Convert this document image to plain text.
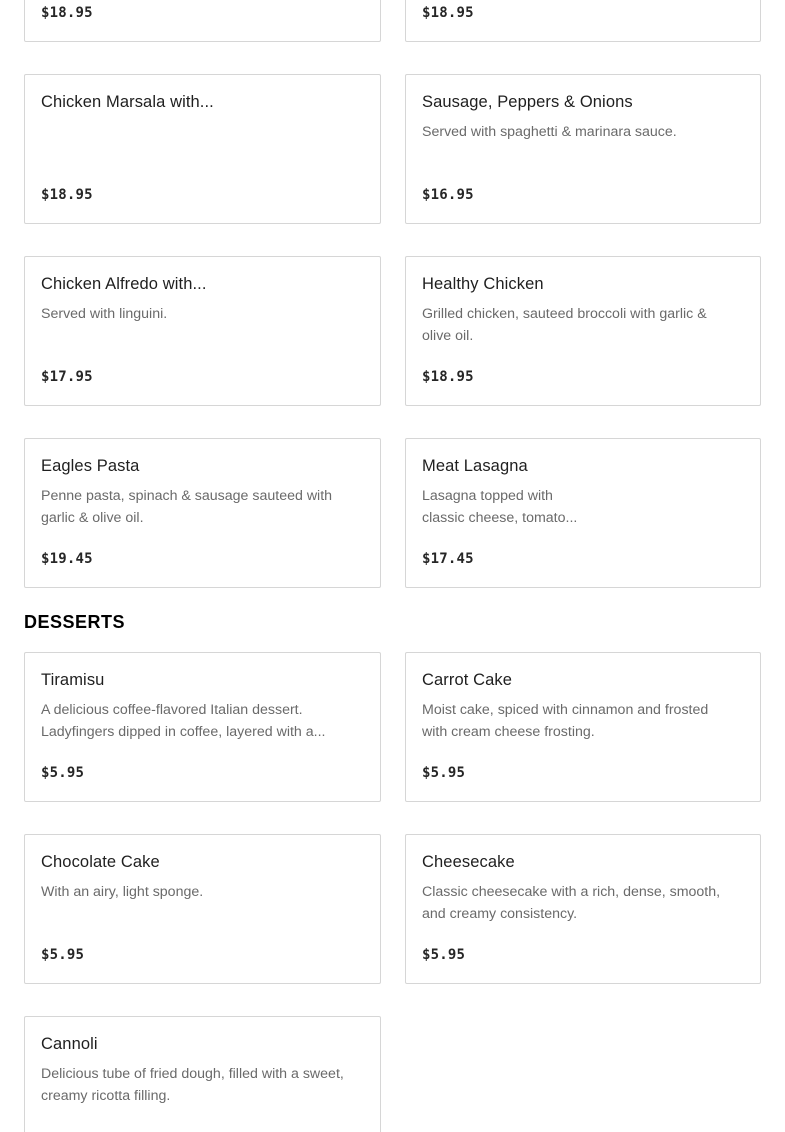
$18.95	$18.95
Chicken Marsala with...
$18.95
Sausage, Peppers & Onions
Served with spaghetti & marinara sauce.
$16.95
Chicken Alfredo with...
Served with linguini.
$17.95
Healthy Chicken
Grilled chicken, sauteed broccoli with garlic &
olive oil.
$18.95
Eagles Pasta
Penne pasta, spinach & sausage sauteed with
garlic & olive oil.
$19.45
Meat Lasagna
Lasagna topped with
classic cheese, tomato...
$17.45
DESSERTS
Tiramisu
A delicious coffee-flavored Italian dessert.
Ladyfingers dipped in coffee, layered with a...
$5.95
Carrot Cake
Moist cake, spiced with cinnamon and frosted
with cream cheese frosting.
$5.95
Chocolate Cake
With an airy, light sponge.
$5.95
Cheesecake
Classic cheesecake with a rich, dense, smooth,
and creamy consistency.
$5.95
Cannoli
Delicious tube of fried dough, filled with a sweet,
creamy ricotta filling.
